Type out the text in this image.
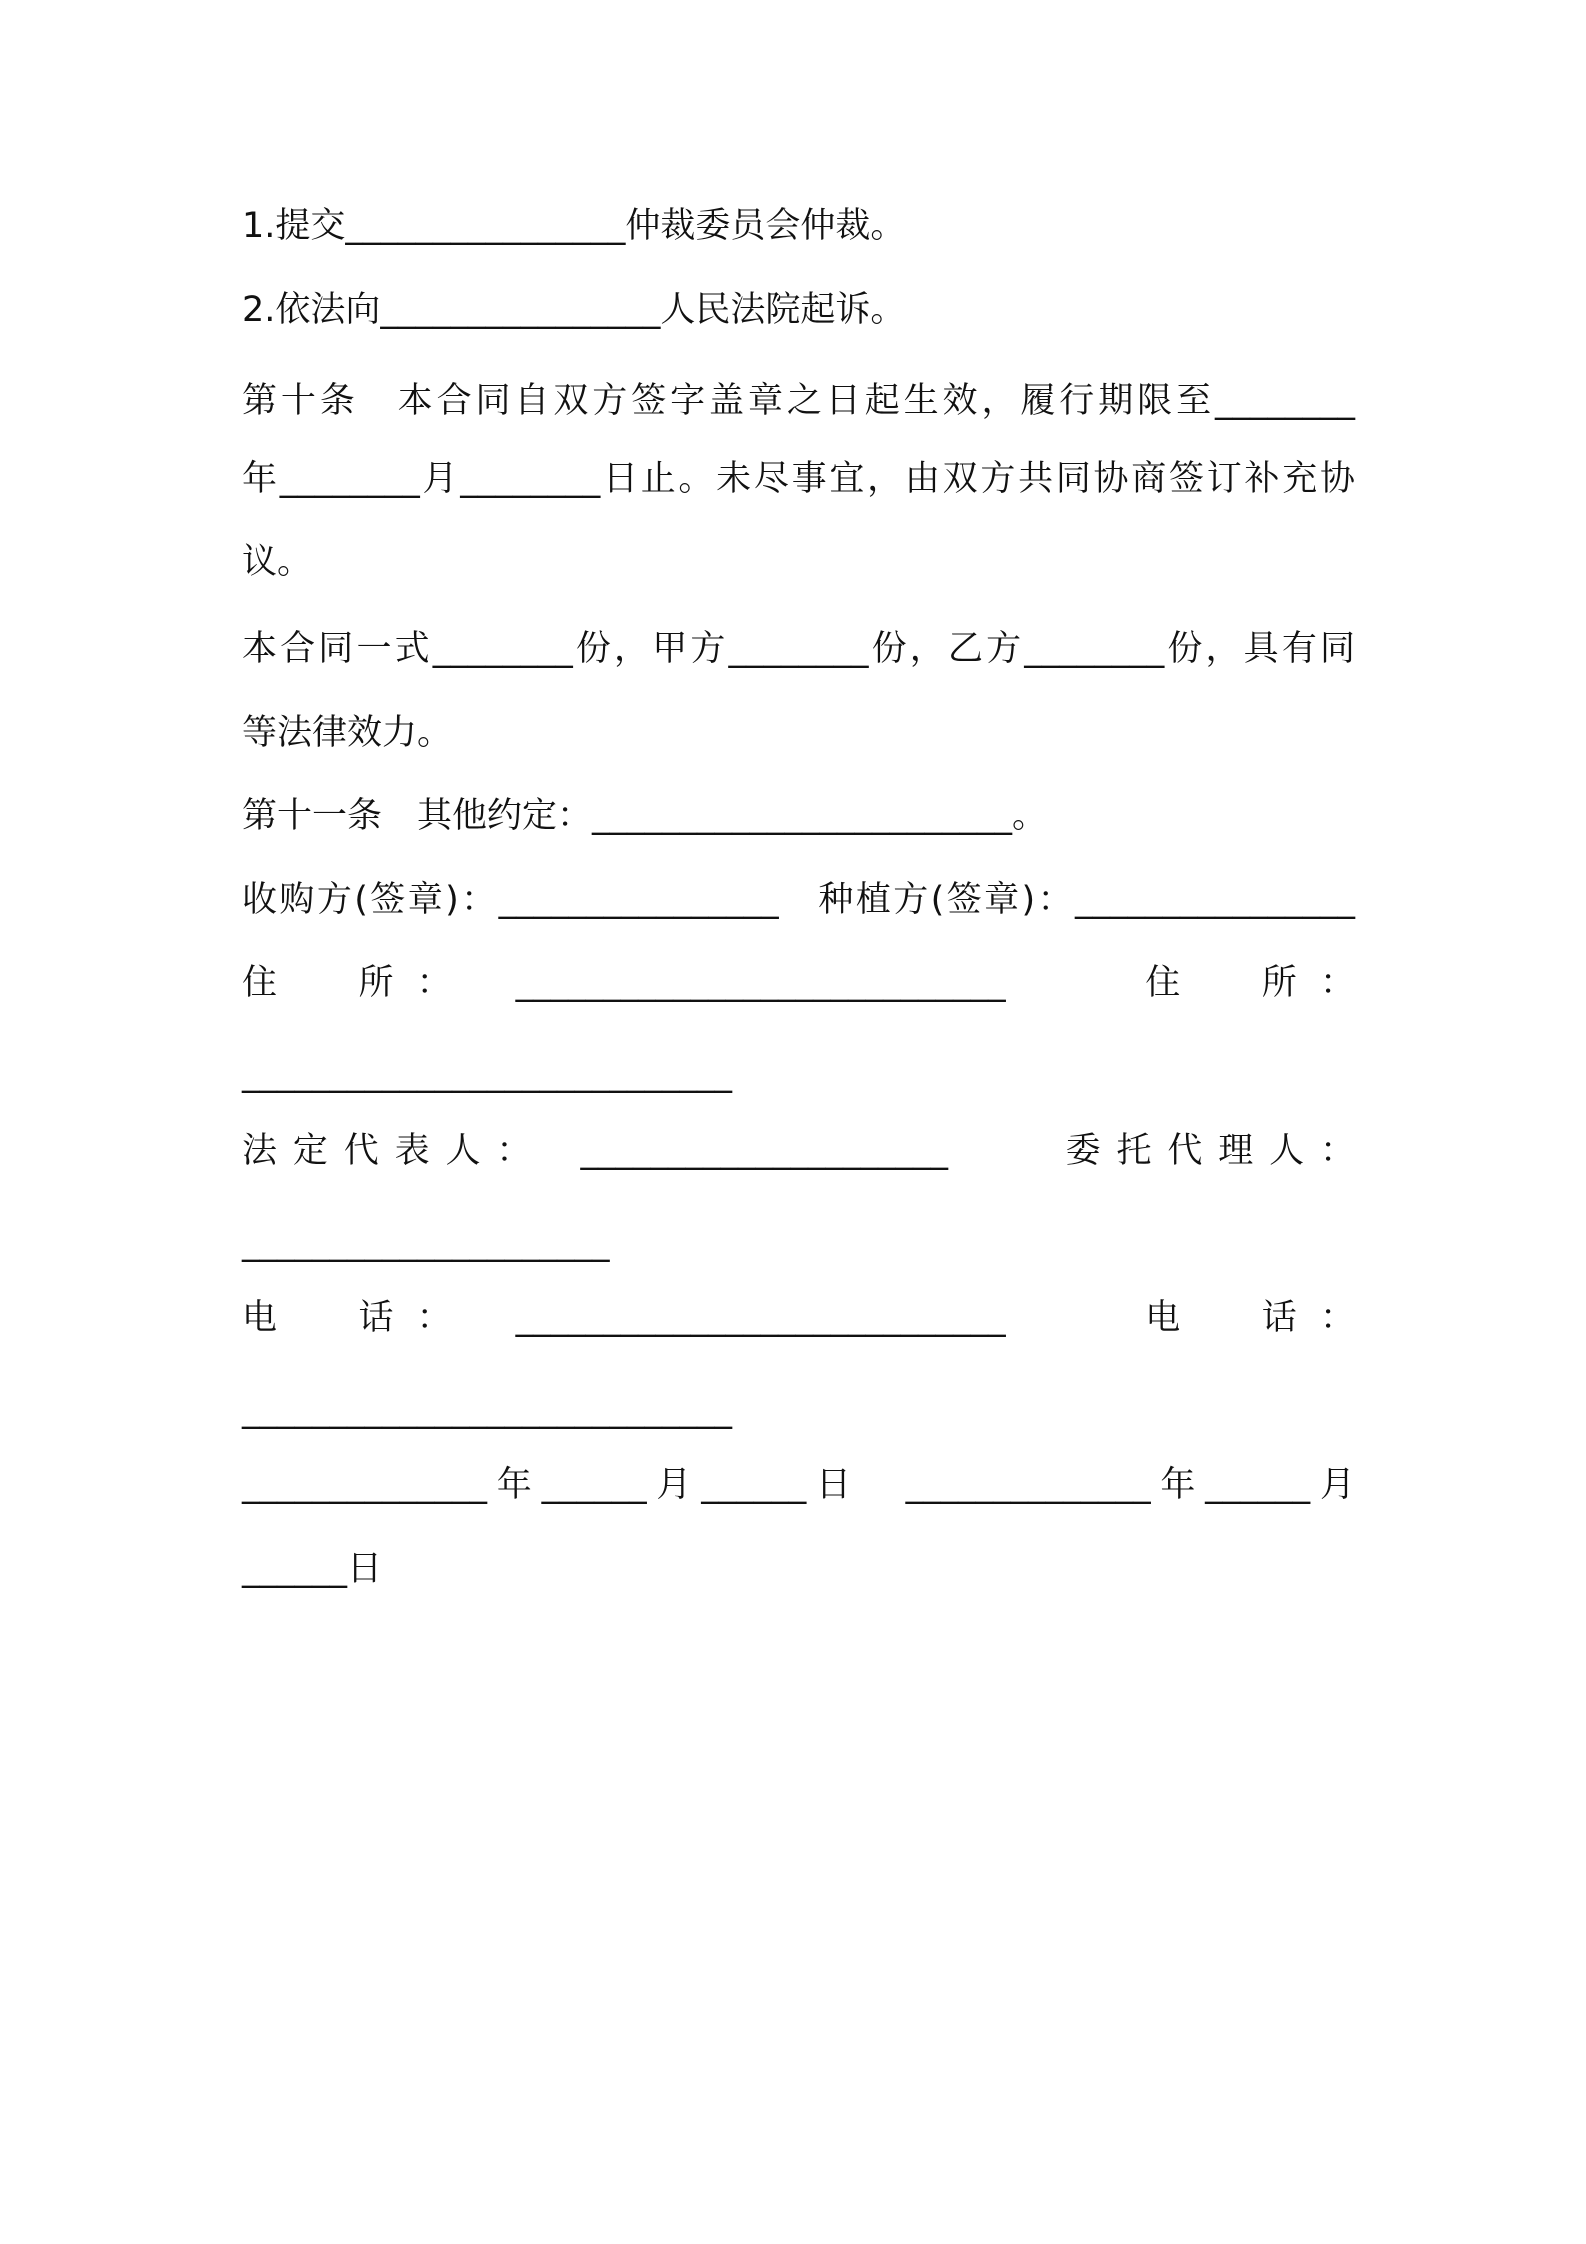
1.提交________________仲裁委员会仲裁。
2.依法向________________人民法院起诉。
第十条　本合同自双方签字盖章之日起生效，履行期限至________
年________月________日止。未尽事宜，由双方共同协商签订补充协
议。
本合同一式________份，甲方________份，乙方________份，具有同
等法律效力。
第十一条　其他约定：________________________。
收购方(签章)：________________　种植方(签章)：________________
住　所：　____________________________　　住　所：
____________________________
法定代表人：　_____________________　　委托代理人：
_____________________
电　话：　____________________________　　电　话：
____________________________
______________年______月______日　______________年______月
______日
